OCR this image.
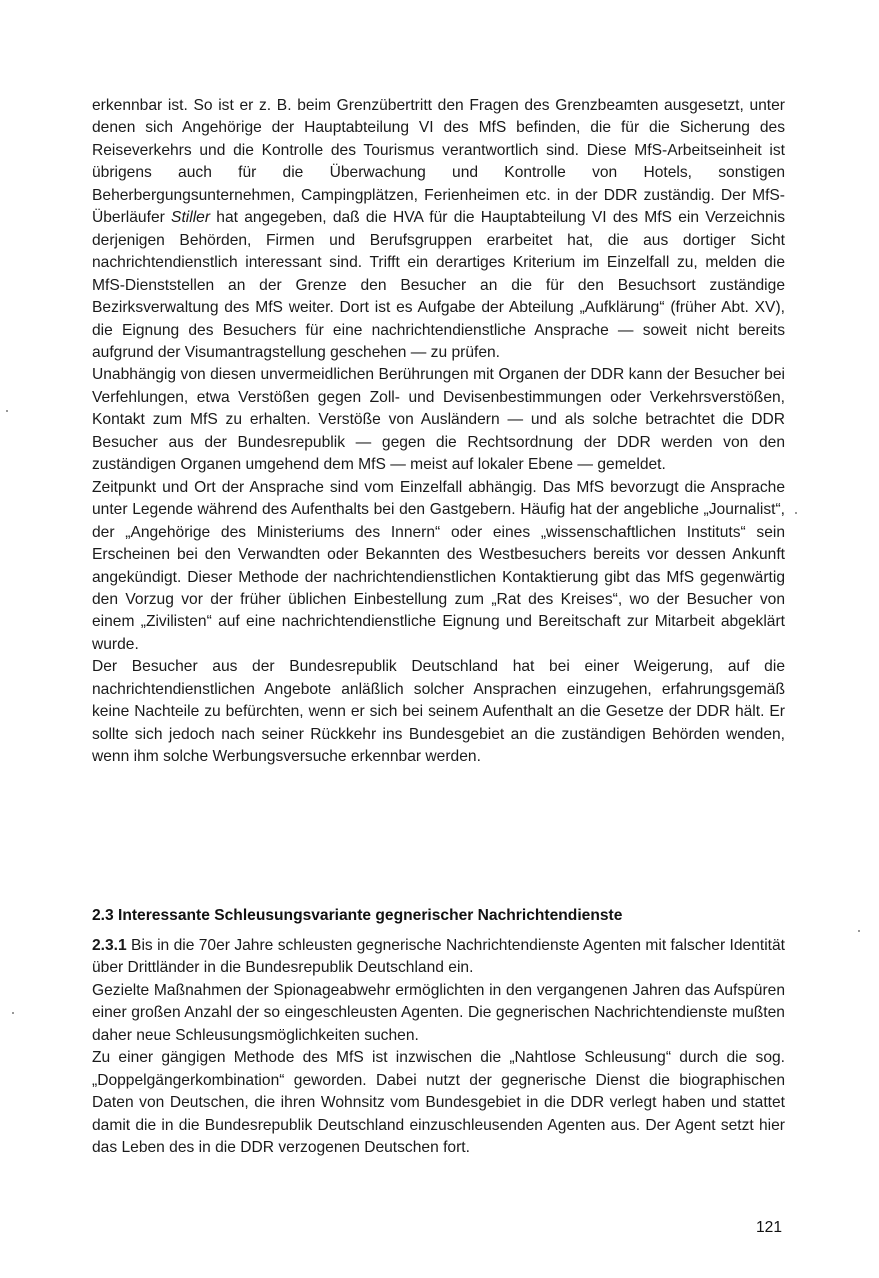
erkennbar ist. So ist er z. B. beim Grenzübertritt den Fragen des Grenzbeamten ausgesetzt, unter denen sich Angehörige der Hauptabteilung VI des MfS befinden, die für die Sicherung des Reiseverkehrs und die Kontrolle des Tourismus verantwortlich sind. Diese MfS-Arbeitseinheit ist übrigens auch für die Überwachung und Kontrolle von Hotels, sonstigen Beherbergungsunternehmen, Campingplätzen, Ferienheimen etc. in der DDR zuständig. Der MfS-Überläufer Stiller hat angegeben, daß die HVA für die Hauptabteilung VI des MfS ein Verzeichnis derjenigen Behörden, Firmen und Berufsgruppen erarbeitet hat, die aus dortiger Sicht nachrichtendienstlich interessant sind. Trifft ein derartiges Kriterium im Einzelfall zu, melden die MfS-Dienststellen an der Grenze den Besucher an die für den Besuchsort zuständige Bezirksverwaltung des MfS weiter. Dort ist es Aufgabe der Abteilung „Aufklärung“ (früher Abt. XV), die Eignung des Besuchers für eine nachrichtendienstliche Ansprache — soweit nicht bereits aufgrund der Visumantragstellung geschehen — zu prüfen.

Unabhängig von diesen unvermeidlichen Berührungen mit Organen der DDR kann der Besucher bei Verfehlungen, etwa Verstößen gegen Zoll- und Devisenbestimmungen oder Verkehrsverstößen, Kontakt zum MfS zu erhalten. Verstöße von Ausländern — und als solche betrachtet die DDR Besucher aus der Bundesrepublik — gegen die Rechtsordnung der DDR werden von den zuständigen Organen umgehend dem MfS — meist auf lokaler Ebene — gemeldet.

Zeitpunkt und Ort der Ansprache sind vom Einzelfall abhängig. Das MfS bevorzugt die Ansprache unter Legende während des Aufenthalts bei den Gastgebern. Häufig hat der angebliche „Journalist“, der „Angehörige des Ministeriums des Innern“ oder eines „wissenschaftlichen Instituts“ sein Erscheinen bei den Verwandten oder Bekannten des Westbesuchers bereits vor dessen Ankunft angekündigt. Dieser Methode der nachrichtendienstlichen Kontaktierung gibt das MfS gegenwärtig den Vorzug vor der früher üblichen Einbestellung zum „Rat des Kreises“, wo der Besucher von einem „Zivilisten“ auf eine nachrichtendienstliche Eignung und Bereitschaft zur Mitarbeit abgeklärt wurde.

Der Besucher aus der Bundesrepublik Deutschland hat bei einer Weigerung, auf die nachrichtendienstlichen Angebote anläßlich solcher Ansprachen einzugehen, erfahrungsgemäß keine Nachteile zu befürchten, wenn er sich bei seinem Aufenthalt an die Gesetze der DDR hält. Er sollte sich jedoch nach seiner Rückkehr ins Bundesgebiet an die zuständigen Behörden wenden, wenn ihm solche Werbungsversuche erkennbar werden.

2.3 Interessante Schleusungsvariante gegnerischer Nachrichtendienste

2.3.1 Bis in die 70er Jahre schleusten gegnerische Nachrichtendienste Agenten mit falscher Identität über Drittländer in die Bundesrepublik Deutschland ein.

Gezielte Maßnahmen der Spionageabwehr ermöglichten in den vergangenen Jahren das Aufspüren einer großen Anzahl der so eingeschleusten Agenten. Die gegnerischen Nachrichtendienste mußten daher neue Schleusungsmöglichkeiten suchen.

Zu einer gängigen Methode des MfS ist inzwischen die „Nahtlose Schleusung“ durch die sog. „Doppelgängerkombination“ geworden. Dabei nutzt der gegnerische Dienst die biographischen Daten von Deutschen, die ihren Wohnsitz vom Bundesgebiet in die DDR verlegt haben und stattet damit die in die Bundesrepublik Deutschland einzuschleusenden Agenten aus. Der Agent setzt hier das Leben des in die DDR verzogenen Deutschen fort.

121
